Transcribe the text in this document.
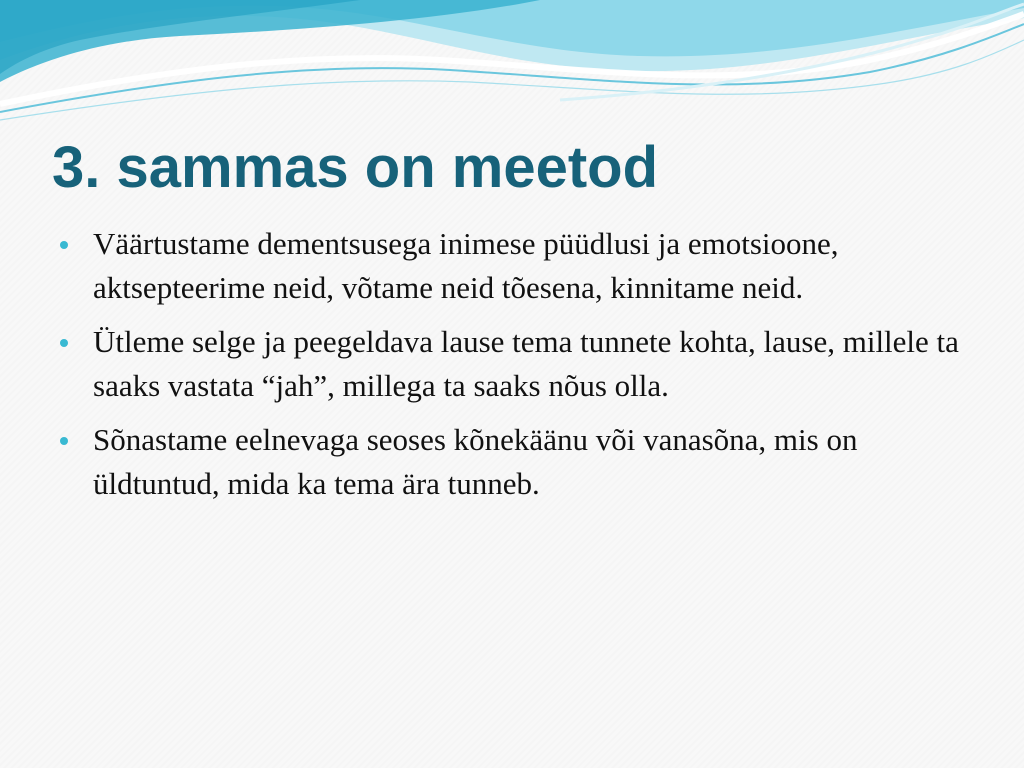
3. sammas on meetod
Väärtustame dementsusega inimese püüdlusi ja emotsioone, aktsepteerime neid, võtame neid tõesena, kinnitame neid.
Ütleme selge ja peegeldava lause tema tunnete kohta, lause, millele ta saaks vastata “jah”, millega ta saaks nõus olla.
Sõnastame eelnevaga seoses kõnekäänu või vanasõna, mis on üldtuntud, mida ka tema ära tunneb.
